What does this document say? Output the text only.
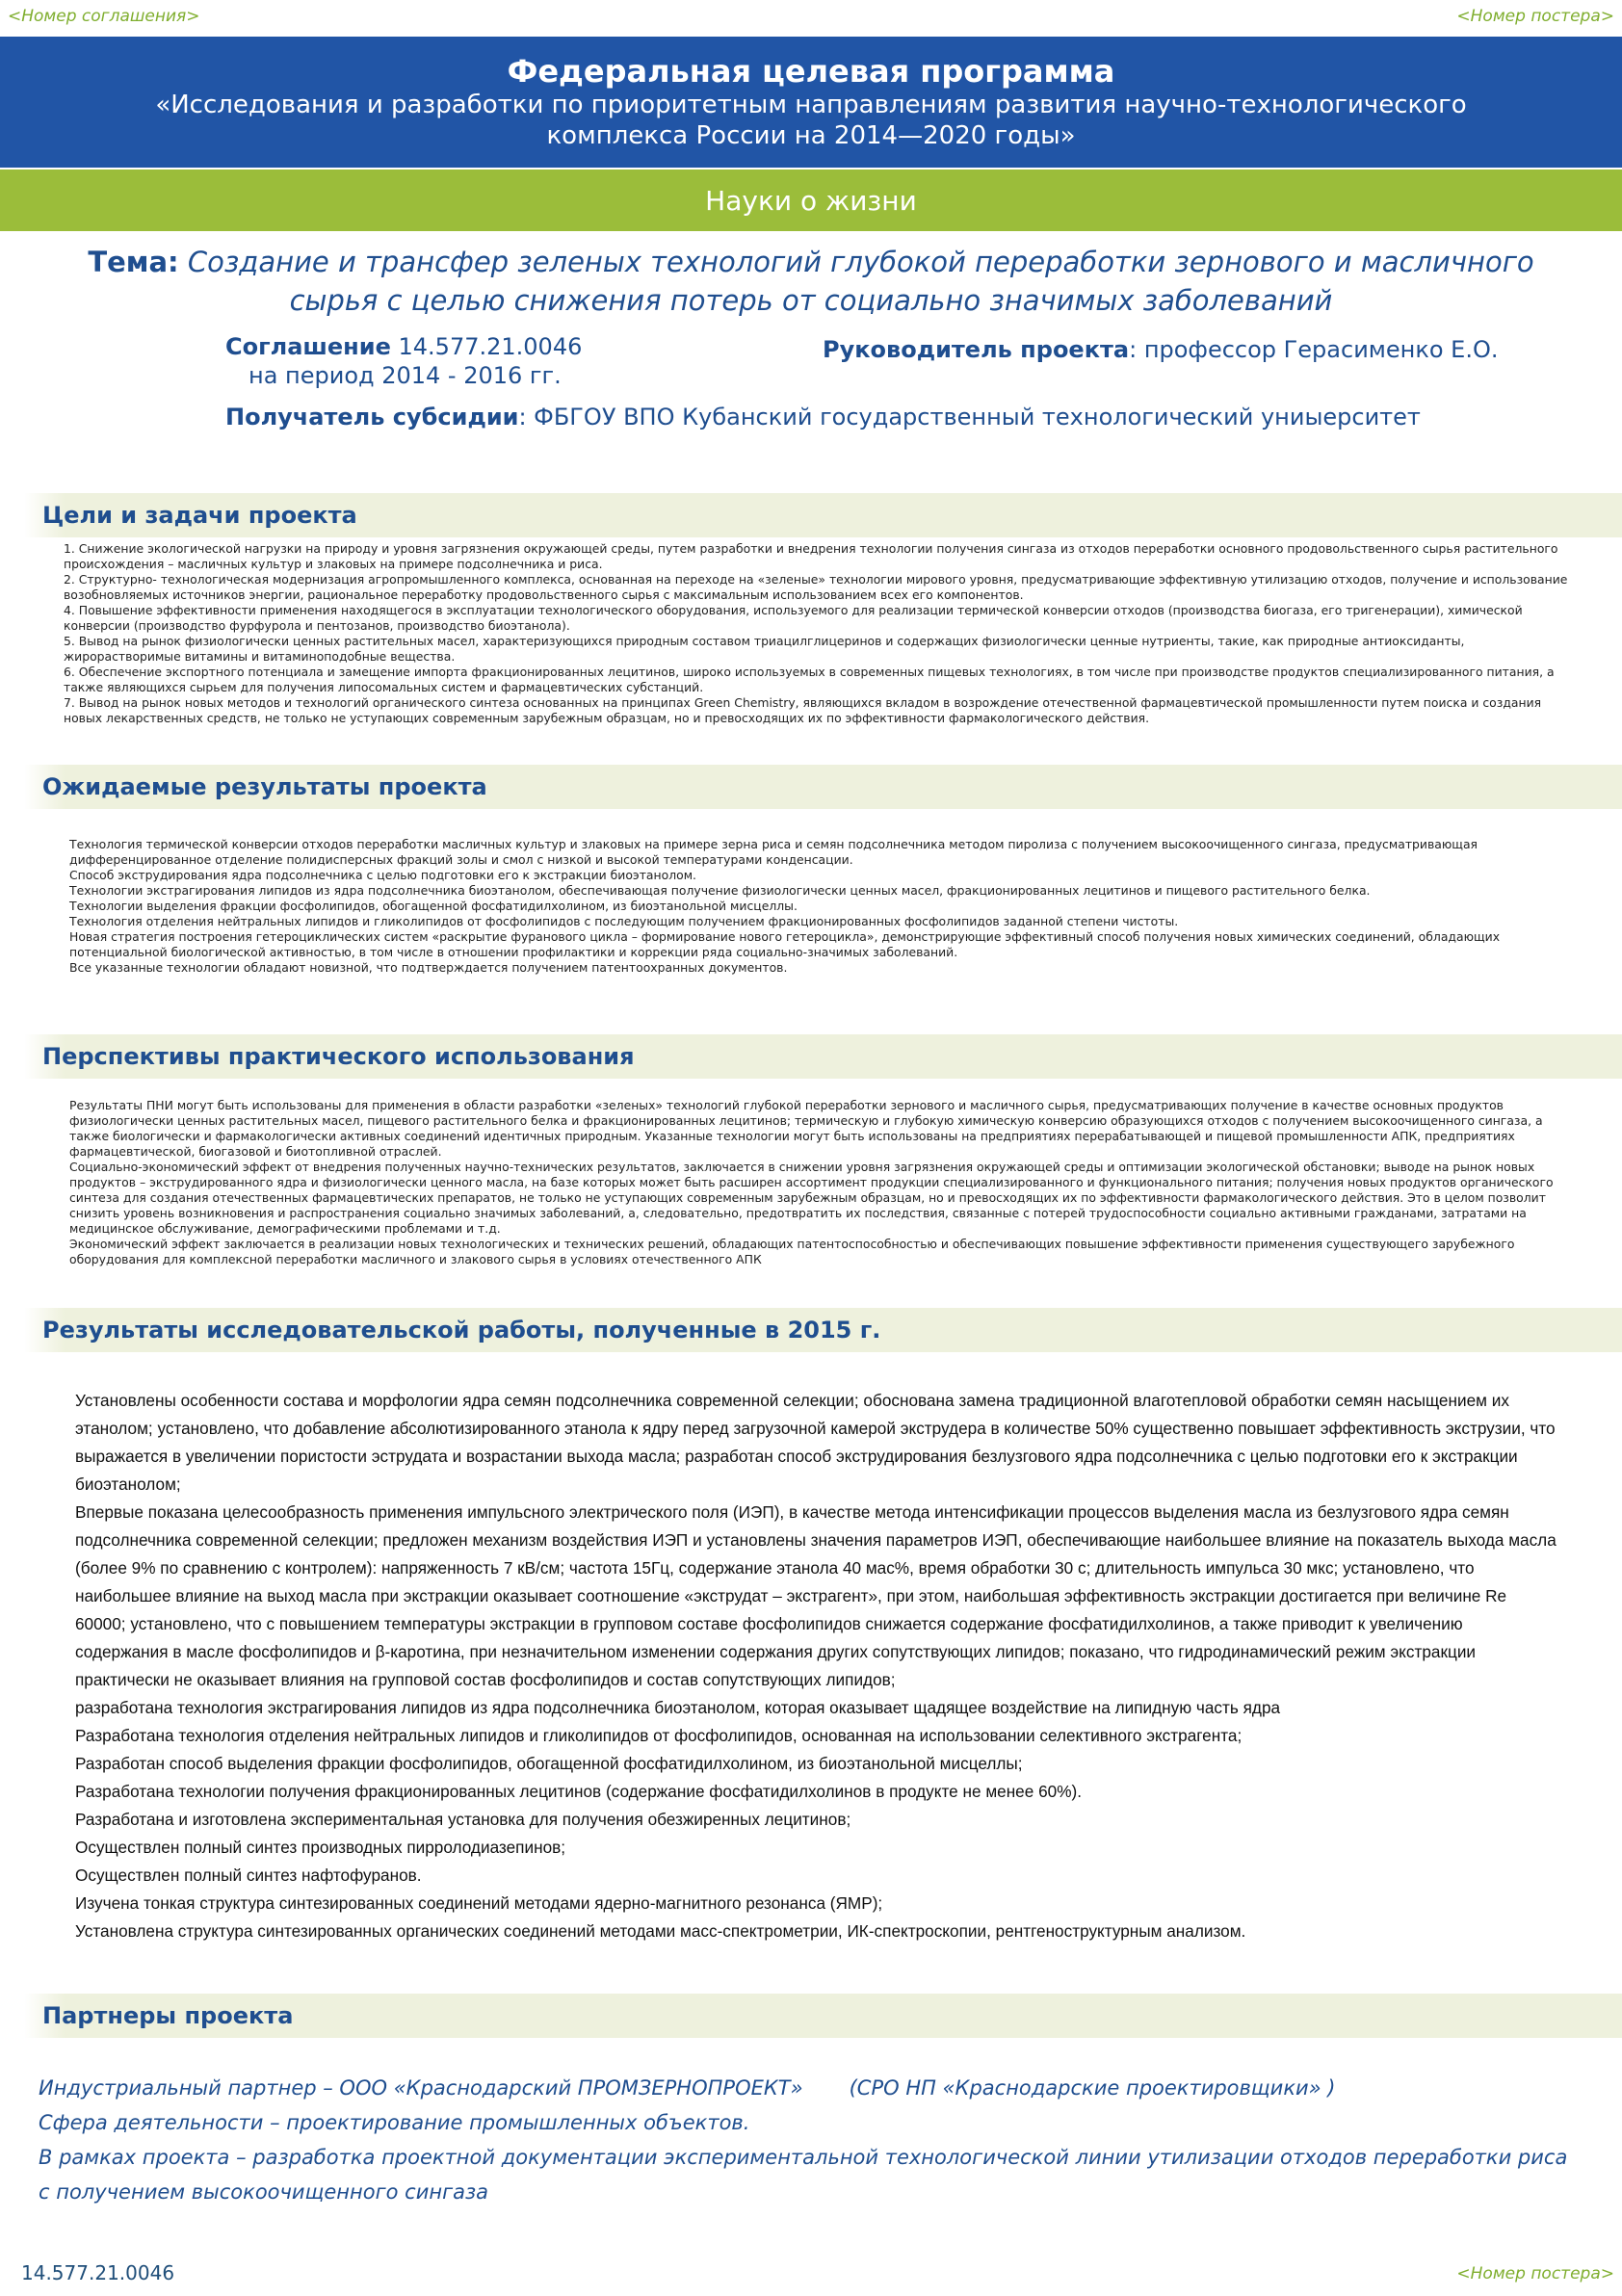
<Номер соглашения>	<Номер постера>
Федеральная целевая программа
«Исследования и разработки по приоритетным направлениям развития научно-технологического комплекса России на 2014—2020 годы»
Науки о жизни
Тема: Создание и трансфер зеленых технологий глубокой переработки зернового и масличного сырья с целью снижения потерь от социально значимых заболеваний
Соглашение 14.577.21.0046
на период 2014 - 2016 гг.
Руководитель проекта: профессор Герасименко Е.О.
Получатель субсидии: ФБГОУ ВПО Кубанский государственный технологический униыерситет
Цели и задачи проекта

1. Снижение экологической нагрузки на природу и уровня загрязнения окружающей среды, путем разработки и внедрения технологии получения сингаза из отходов переработки основного продовольственного сырья растительного происхождения – масличных культур и злаковых на примере подсолнечника и риса.

2. Структурно- технологическая модернизация агропромышленного комплекса, основанная на переходе на «зеленые» технологии мирового уровня, предусматривающие эффективную утилизацию отходов, получение и использование возобновляемых источников энергии, рациональное переработку продовольственного сырья с максимальным использованием всех его компонентов.

4. Повышение эффективности применения находящегося в эксплуатации технологического оборудования, используемого для реализации термической конверсии отходов (производства биогаза, его тригенерации), химической конверсии (производство фурфурола и пентозанов, производство биоэтанола).

5. Вывод на рынок физиологически ценных растительных масел, характеризующихся природным составом триацилглицеринов и содержащих физиологически ценные нутриенты, такие, как природные антиоксиданты, жирорастворимые витамины и витаминоподобные вещества.

6. Обеспечение экспортного потенциала и замещение импорта фракционированных лецитинов, широко используемых в современных пищевых технологиях, в том числе при производстве продуктов специализированного питания, а также являющихся сырьем для получения липосомальных систем и фармацевтических субстанций.

7. Вывод на рынок новых методов и технологий органического синтеза основанных на принципах Green Chemistry, являющихся вкладом в возрождение отечественной фармацевтической промышленности путем поиска и создания новых лекарственных средств, не только не уступающих современным зарубежным образцам, но и превосходящих их по эффективности фармакологического действия.

Ожидаемые результаты проекта

Технология термической конверсии отходов переработки масличных культур и злаковых на примере зерна риса и семян подсолнечника методом пиролиза с получением высокоочищенного сингаза, предусматривающая дифференцированное отделение полидисперсных фракций золы и смол с низкой и высокой температурами конденсации.

Способ экструдирования ядра подсолнечника с целью подготовки его к экстракции биоэтанолом.

Технологии экстрагирования липидов из ядра подсолнечника биоэтанолом, обеспечивающая получение физиологически ценных масел, фракционированных лецитинов и пищевого растительного белка.

Технологии выделения фракции фосфолипидов, обогащенной фосфатидилхолином, из биоэтанольной мисцеллы.

Технология отделения нейтральных липидов и гликолипидов от фосфолипидов с последующим получением фракционированных фосфолипидов заданной степени чистоты.

Новая стратегия построения гетероциклических систем «раскрытие фуранового цикла – формирование нового гетероцикла», демонстрирующие эффективный способ получения новых химических соединений, обладающих потенциальной биологической активностью, в том числе в отношении профилактики и коррекции ряда социально-значимых заболеваний.

Все указанные технологии обладают новизной, что подтверждается получением патентоохранных документов.

Перспективы практического использования

Результаты ПНИ могут быть использованы для применения в области разработки «зеленых» технологий глубокой переработки зернового и масличного сырья, предусматривающих получение в качестве основных продуктов физиологически ценных растительных масел, пищевого растительного белка и фракционированных лецитинов; термическую и глубокую химическую конверсию образующихся отходов с получением высокоочищенного сингаза, а также биологически и фармакологически активных соединений идентичных природным. Указанные технологии могут быть использованы на предприятиях перерабатывающей и пищевой промышленности АПК, предприятиях фармацевтической, биогазовой и биотопливной отраслей.

Социально-экономический эффект от внедрения полученных научно-технических результатов, заключается в снижении уровня загрязнения окружающей среды и оптимизации экологической обстановки; выводе на рынок новых продуктов – экструдированного ядра и физиологически ценного масла, на базе которых может быть расширен ассортимент продукции специализированного и функционального питания; получения новых продуктов органического синтеза для создания отечественных фармацевтических препаратов, не только не уступающих современным зарубежным образцам, но и превосходящих их по эффективности фармакологического действия. Это в целом позволит снизить уровень возникновения и распространения социально значимых заболеваний, а, следовательно, предотвратить их последствия, связанные с потерей трудоспособности социально активными гражданами, затратами на медицинское обслуживание, демографическими проблемами и т.д.

Экономический эффект заключается в реализации новых технологических и технических решений, обладающих патентоспособностью и обеспечивающих повышение эффективности применения существующего зарубежного оборудования для комплексной переработки масличного и злакового сырья в условиях отечественного АПК

Результаты исследовательской работы, полученные в 2015 г.

Установлены особенности состава и морфологии ядра семян подсолнечника современной селекции; обоснована замена традиционной влаготепловой обработки семян насыщением их этанолом; установлено, что добавление абсолютизированного этанола к ядру перед загрузочной камерой экструдера в количестве 50% существенно повышает эффективность экструзии, что выражается в увеличении пористости эструдата и возрастании выхода масла; разработан способ экструдирования безлузгового ядра подсолнечника с целью подготовки его к экстракции биоэтанолом;

Впервые показана целесообразность применения импульсного электрического поля (ИЭП), в качестве метода интенсификации процессов выделения масла из безлузгового ядра семян подсолнечника современной селекции; предложен механизм воздействия ИЭП и установлены значения параметров ИЭП, обеспечивающие наибольшее влияние на показатель выхода масла (более 9% по сравнению с контролем): напряженность 7 кВ/см; частота 15Гц, содержание этанола 40 мас%, время обработки 30 с; длительность импульса 30 мкс; установлено, что наибольшее влияние на выход масла при экстракции оказывает соотношение «экструдат – экстрагент», при этом, наибольшая эффективность экстракции достигается при величине Re 60000; установлено, что с повышением температуры экстракции в групповом составе фосфолипидов снижается содержание фосфатидилхолинов, а также приводит к увеличению содержания в масле фосфолипидов и β-каротина, при незначительном изменении содержания других сопутствующих липидов; показано, что гидродинамический режим экстракции практически не оказывает влияния на групповой состав фосфолипидов и состав сопутствующих липидов;

разработана технология экстрагирования липидов из ядра подсолнечника биоэтанолом, которая оказывает щадящее воздействие на липидную часть ядра

Разработана технология отделения нейтральных липидов и гликолипидов от фосфолипидов, основанная на использовании селективного экстрагента;

Разработан способ выделения фракции фосфолипидов, обогащенной фосфатидилхолином, из биоэтанольной мисцеллы;

Разработана технологии получения фракционированных лецитинов (содержание фосфатидилхолинов в продукте не менее 60%).

Разработана и изготовлена экспериментальная установка для получения обезжиренных лецитинов;

Осуществлен полный синтез производных пирролодиазепинов;

Осуществлен полный синтез нафтофуранов.

Изучена тонкая структура синтезированных соединений методами ядерно-магнитного резонанса (ЯМР);

Установлена структура синтезированных органических соединений методами масс-спектрометрии, ИК-спектроскопии, рентгеноструктурным анализом.

Партнеры проекта

Индустриальный партнер – ООО «Краснодарский ПРОМЗЕРНОПРОЕКТ» (СРО НП «Краснодарские проектировщики» )

Сфера деятельности – проектирование промышленных объектов.

В рамках проекта – разработка проектной документации экспериментальной технологической линии утилизации отходов переработки риса с получением высокоочищенного сингаза

14.577.21.0046	<Номер постера>
